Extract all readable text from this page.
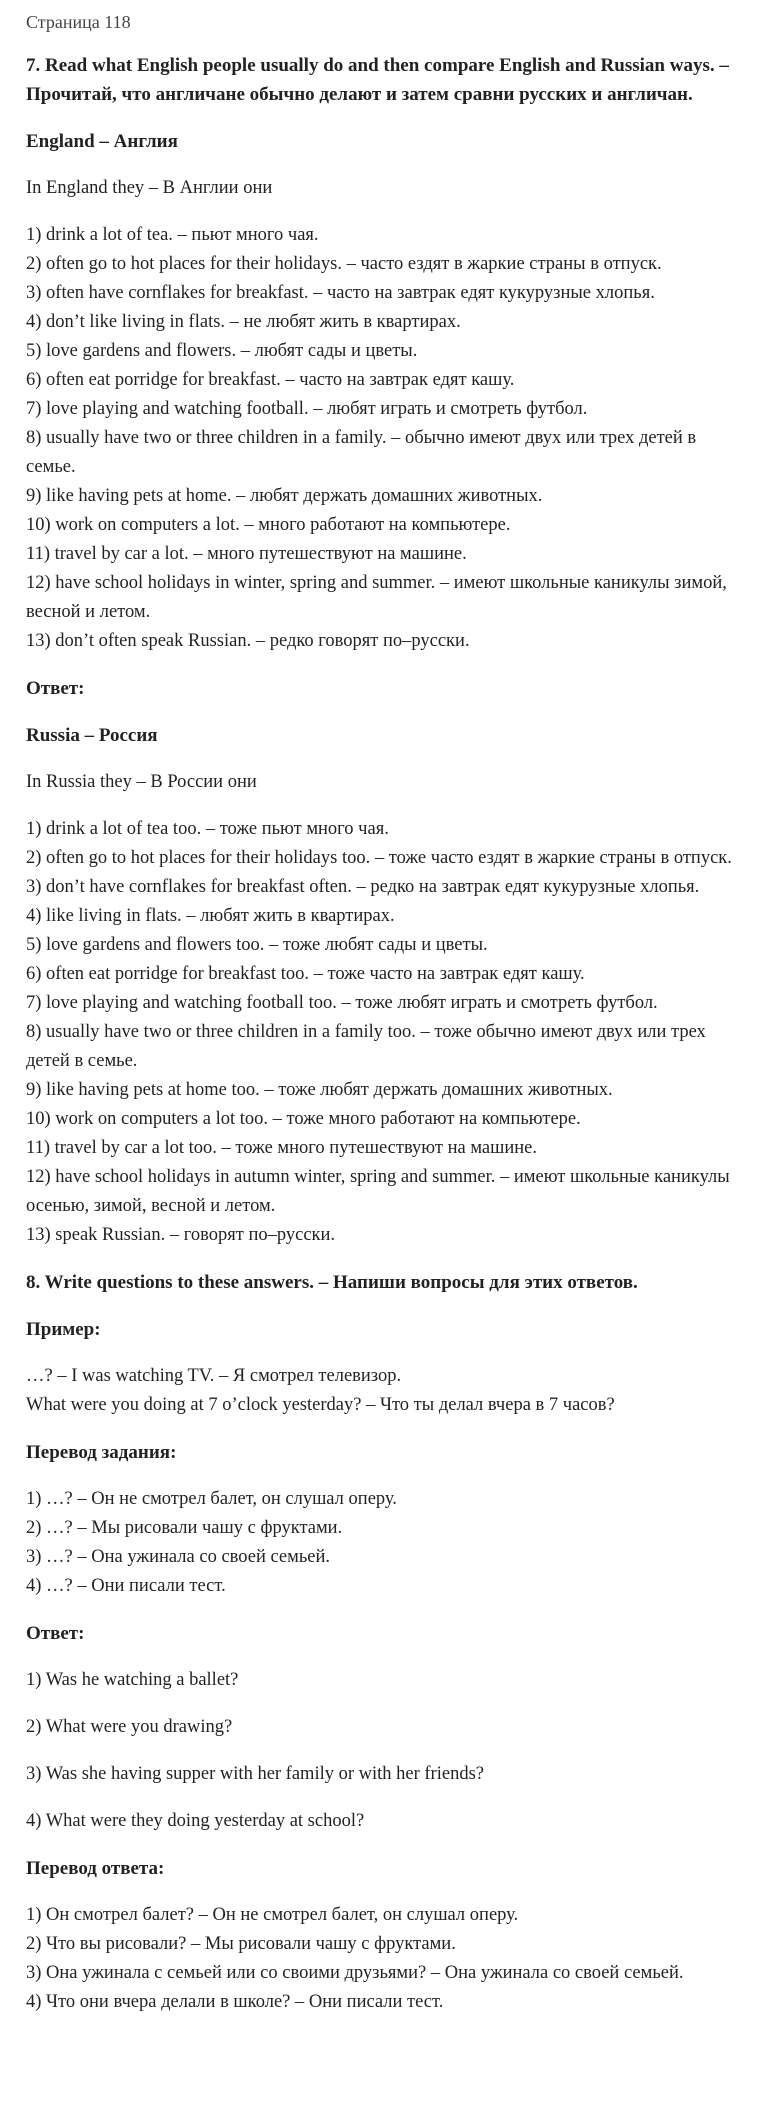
Страница 118
7. Read what English people usually do and then compare English and Russian ways. – Прочитай, что англичане обычно делают и затем сравни русских и англичан.
England – Англия
In England they – В Англии они
1) drink a lot of tea. – пьют много чая.
2) often go to hot places for their holidays. – часто ездят в жаркие страны в отпуск.
3) often have cornflakes for breakfast. – часто на завтрак едят кукурузные хлопья.
4) don’t like living in flats. – не любят жить в квартирах.
5) love gardens and flowers. – любят сады и цветы.
6) often eat porridge for breakfast. – часто на завтрак едят кашу.
7) love playing and watching football. – любят играть и смотреть футбол.
8) usually have two or three children in a family. – обычно имеют двух или трех детей в семье.
9) like having pets at home. – любят держать домашних животных.
10) work on computers a lot. – много работают на компьютере.
11) travel by car a lot. – много путешествуют на машине.
12) have school holidays in winter, spring and summer. – имеют школьные каникулы зимой, весной и летом.
13) don’t often speak Russian. – редко говорят по–русски.
Ответ:
Russia – Россия
In Russia they – В России они
1) drink a lot of tea too. – тоже пьют много чая.
2) often go to hot places for their holidays too. – тоже часто ездят в жаркие страны в отпуск.
3) don’t have cornflakes for breakfast often. – редко на завтрак едят кукурузные хлопья.
4) like living in flats. – любят жить в квартирах.
5) love gardens and flowers too. – тоже любят сады и цветы.
6) often eat porridge for breakfast too. – тоже часто на завтрак едят кашу.
7) love playing and watching football too. – тоже любят играть и смотреть футбол.
8) usually have two or three children in a family too. – тоже обычно имеют двух или трех детей в семье.
9) like having pets at home too. – тоже любят держать домашних животных.
10) work on computers a lot too. – тоже много работают на компьютере.
11) travel by car a lot too. – тоже много путешествуют на машине.
12) have school holidays in autumn winter, spring and summer. – имеют школьные каникулы осенью, зимой, весной и летом.
13) speak Russian. – говорят по–русски.
8. Write questions to these answers. – Напиши вопросы для этих ответов.
Пример:
…? – I was watching TV. – Я смотрел телевизор.
What were you doing at 7 o’clock yesterday? – Что ты делал вчера в 7 часов?
Перевод задания:
1) …? – Он не смотрел балет, он слушал оперу.
2) …? – Мы рисовали чашу с фруктами.
3) …? – Она ужинала со своей семьей.
4) …? – Они писали тест.
Ответ:
1) Was he watching a ballet?
2) What were you drawing?
3) Was she having supper with her family or with her friends?
4) What were they doing yesterday at school?
Перевод ответа:
1) Он смотрел балет? – Он не смотрел балет, он слушал оперу.
2) Что вы рисовали? – Мы рисовали чашу с фруктами.
3) Она ужинала с семьей или со своими друзьями? – Она ужинала со своей семьей.
4) Что они вчера делали в школе? – Они писали тест.
